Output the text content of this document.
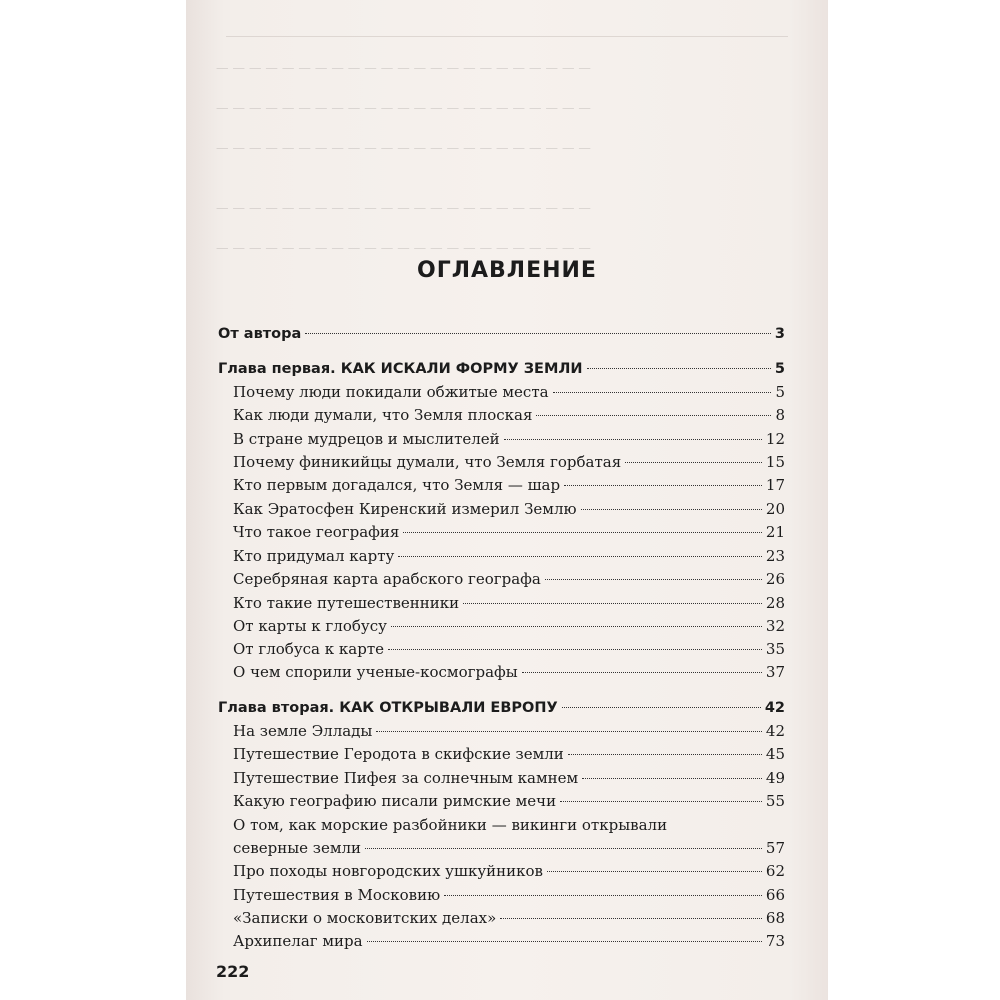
— — — — — — — — — — — — — — — — — — — — — — —
— — — — — — — — — — — — — — — — — — — — — — —
— — — — — — — — — — — — — — — — — — — — — — —
— — — — — — — — — — — — — — — — — — — — — — —
— — — — — — — — — — — — — — — — — — — — — — —
ОГЛАВЛЕНИЕ
От автора	3
Глава первая. КАК ИСКАЛИ ФОРМУ ЗЕМЛИ	5
Почему люди покидали обжитые места	5
Как люди думали, что Земля плоская	8
В стране мудрецов и мыслителей	12
Почему финикийцы думали, что Земля горбатая	15
Кто первым догадался, что Земля — шар	17
Как Эратосфен Киренский измерил Землю	20
Что такое география	21
Кто придумал карту	23
Серебряная карта арабского географа	26
Кто такие путешественники	28
От карты к глобусу	32
От глобуса к карте	35
О чем спорили ученые-космографы	37
Глава вторая. КАК ОТКРЫВАЛИ ЕВРОПУ	42
На земле Эллады	42
Путешествие Геродота в скифские земли	45
Путешествие Пифея за солнечным камнем	49
Какую географию писали римские мечи	55
О том, как морские разбойники — викинги открывали
северные земли	57
Про походы новгородских ушкуйников	62
Путешествия в Московию	66
«Записки о московитских делах»	68
Архипелаг мира	73
222
